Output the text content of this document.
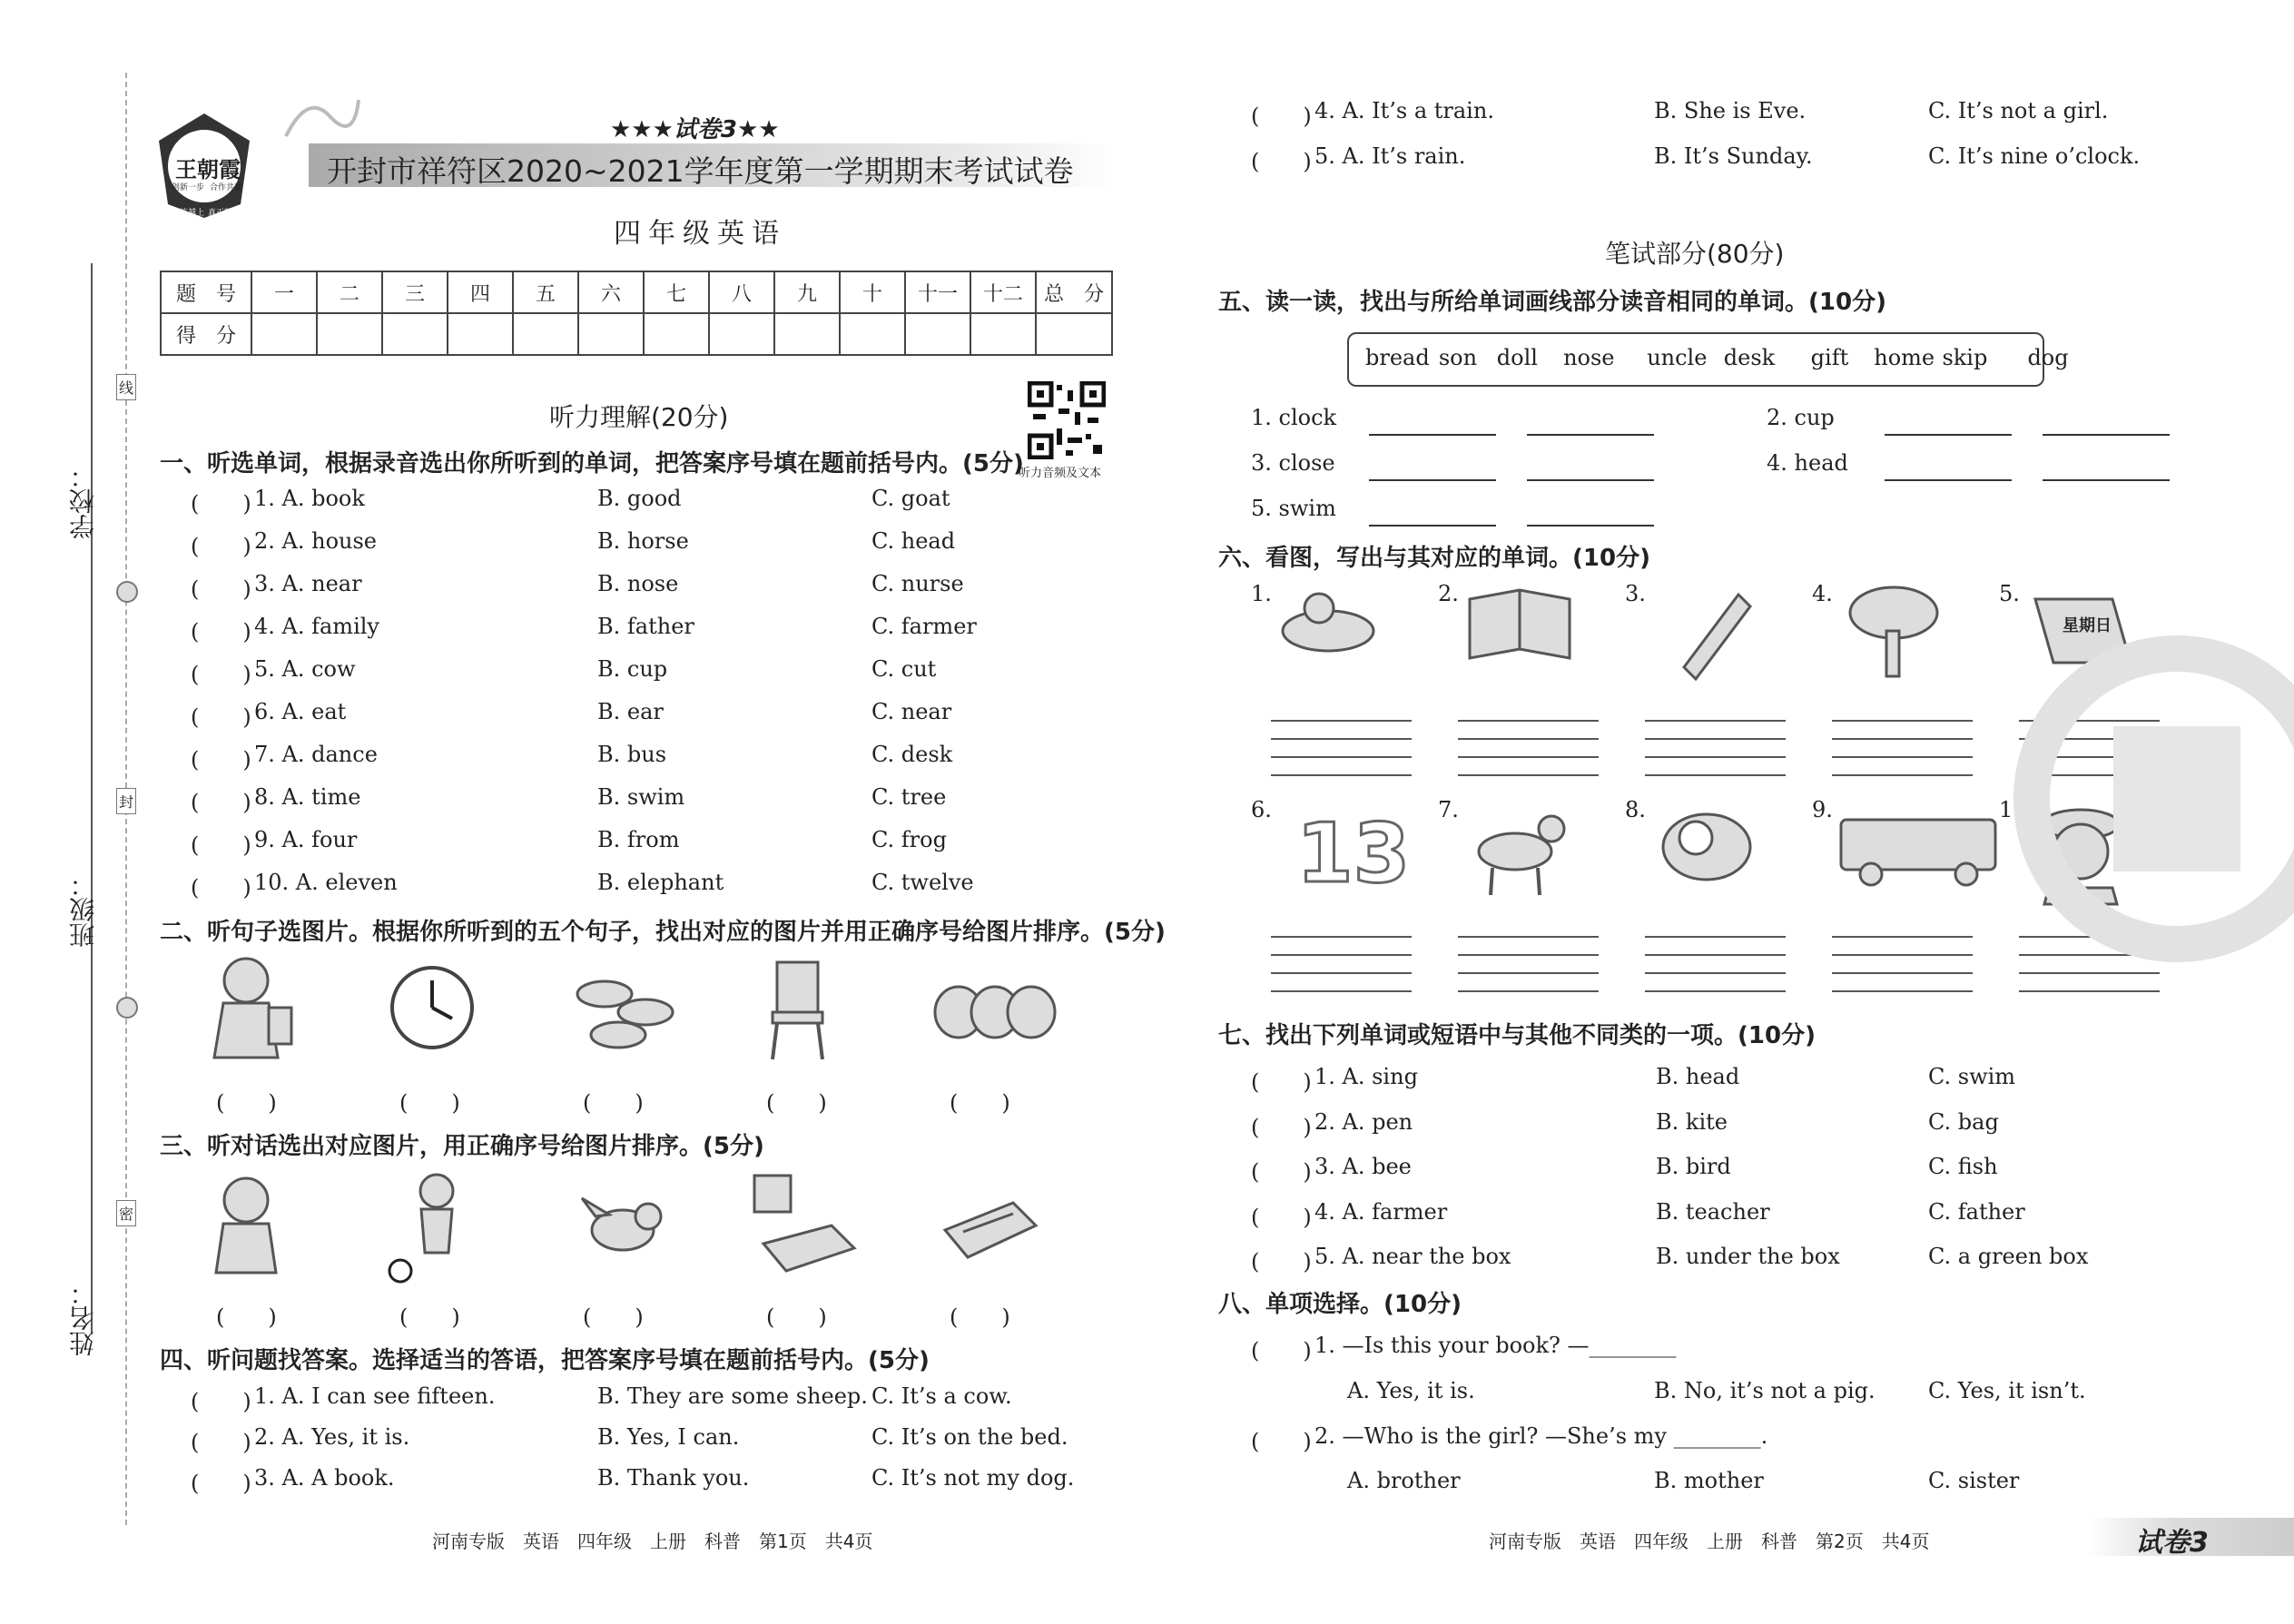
学校：
班级：
姓名：
线
封
密
王朝霞
创新一步 合作共赢
越练越上 真正精彩
★★★试卷3★★
开封市祥符区2020~2021学年度第一学期期末考试试卷
四年级英语
题　号	一	二	三	四	五	六	七	八	九	十	十一	十二	总　分
得　分													
听力音频及文本
听力理解(20分)
一、听选单词，根据录音选出你所听到的单词，把答案序号填在题前括号内。(5分)
(　　) 1. A. book	B. good	C. goat
(　　) 2. A. house	B. horse	C. head
(　　) 3. A. near	B. nose	C. nurse
(　　) 4. A. family	B. father	C. farmer
(　　) 5. A. cow	B. cup	C. cut
(　　) 6. A. eat	B. ear	C. near
(　　) 7. A. dance	B. bus	C. desk
(　　) 8. A. time	B. swim	C. tree
(　　) 9. A. four	B. from	C. frog
(　　) 10. A. eleven	B. elephant	C. twelve
二、听句子选图片。根据你所听到的五个句子，找出对应的图片并用正确序号给图片排序。(5分)
(　　)	(　　)	(　　)	(　　)	(　　)
三、听对话选出对应图片，用正确序号给图片排序。(5分)
(　　)	(　　)	(　　)	(　　)	(　　)
四、听问题找答案。选择适当的答语，把答案序号填在题前括号内。(5分)
(　　) 1. A. I can see fifteen.	B. They are some sheep. C. It’s a cow.
(　　) 2. A. Yes, it is.	B. Yes, I can.	C. It’s on the bed.
(　　) 3. A. A book.	B. Thank you.	C. It’s not my dog.
河南专版　英语　四年级　上册　科普　第1页　共4页
(　　) 4. A. It’s a train.	B. She is Eve.	C. It’s not a girl.
(　　) 5. A. It’s rain.	B. It’s Sunday.	C. It’s nine o’clock.
笔试部分(80分)
五、读一读，找出与所给单词画线部分读音相同的单词。(10分)
bread son doll nose uncle desk gift home skip dog
1. clock	2. cup
3. close	4. head
5. swim
六、看图，写出与其对应的单词。(10分)
1.	2.	3.	4.	5.
星期日
6. 13 7.	8.	9.	10.
七、找出下列单词或短语中与其他不同类的一项。(10分)
(　　) 1. A. sing	B. head	C. swim
(　　) 2. A. pen	B. kite	C. bag
(　　) 3. A. bee	B. bird	C. fish
(　　) 4. A. farmer	B. teacher	C. father
(　　) 5. A. near the box	B. under the box	C. a green box
八、单项选择。(10分)
(　　) 1. —Is this your book? —________
A. Yes, it is.	B. No, it’s not a pig. C. Yes, it isn’t.
(　　) 2. —Who is the girl? —She’s my ________.
A. brother	B. mother	C. sister
河南专版　英语　四年级　上册　科普　第2页　共4页	试卷3
